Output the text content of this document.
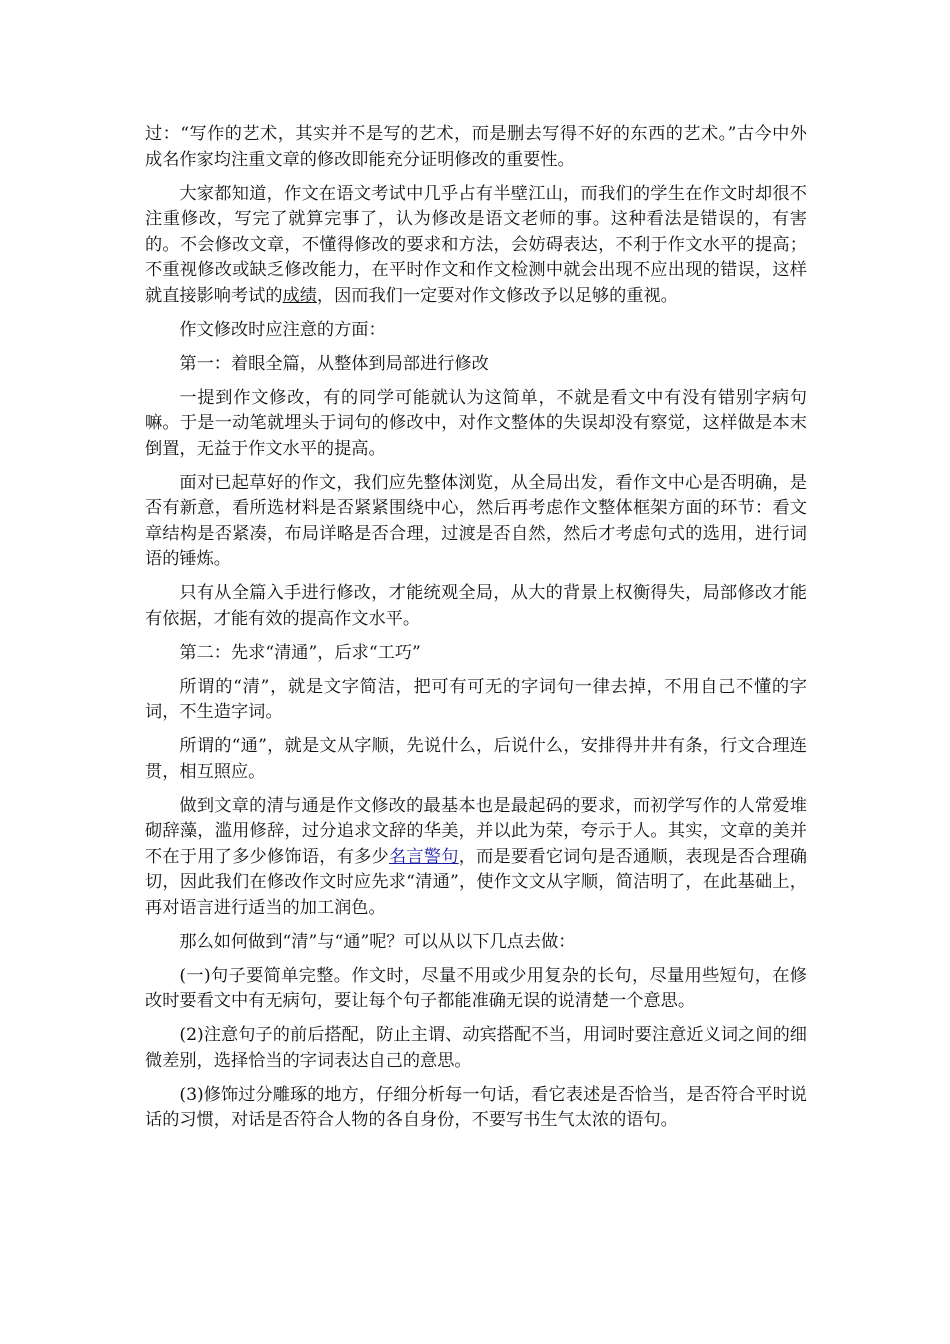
过：“写作的艺术，其实并不是写的艺术，而是删去写得不好的东西的艺术。”古今中外成名作家均注重文章的修改即能充分证明修改的重要性。

大家都知道，作文在语文考试中几乎占有半壁江山，而我们的学生在作文时却很不注重修改，写完了就算完事了，认为修改是语文老师的事。这种看法是错误的，有害的。不会修改文章，不懂得修改的要求和方法，会妨碍表达，不利于作文水平的提高；不重视修改或缺乏修改能力，在平时作文和作文检测中就会出现不应出现的错误，这样就直接影响考试的成绩，因而我们一定要对作文修改予以足够的重视。

作文修改时应注意的方面：

第一：着眼全篇，从整体到局部进行修改

一提到作文修改，有的同学可能就认为这简单，不就是看文中有没有错别字病句嘛。于是一动笔就埋头于词句的修改中，对作文整体的失误却没有察觉，这样做是本末倒置，无益于作文水平的提高。

面对已起草好的作文，我们应先整体浏览，从全局出发，看作文中心是否明确，是否有新意，看所选材料是否紧紧围绕中心，然后再考虑作文整体框架方面的环节：看文章结构是否紧凑，布局详略是否合理，过渡是否自然，然后才考虑句式的选用，进行词语的锤炼。

只有从全篇入手进行修改，才能统观全局，从大的背景上权衡得失，局部修改才能有依据，才能有效的提高作文水平。

第二：先求“清通”，后求“工巧”

所谓的“清”，就是文字简洁，把可有可无的字词句一律去掉，不用自己不懂的字词，不生造字词。

所谓的“通”，就是文从字顺，先说什么，后说什么，安排得井井有条，行文合理连贯，相互照应。

做到文章的清与通是作文修改的最基本也是最起码的要求，而初学写作的人常爱堆砌辞藻，滥用修辞，过分追求文辞的华美，并以此为荣，夸示于人。其实，文章的美并不在于用了多少修饰语，有多少名言警句，而是要看它词句是否通顺，表现是否合理确切，因此我们在修改作文时应先求“清通”，使作文文从字顺，简洁明了，在此基础上，再对语言进行适当的加工润色。

那么如何做到“清”与“通”呢？可以从以下几点去做：

(一)句子要简单完整。作文时，尽量不用或少用复杂的长句，尽量用些短句，在修改时要看文中有无病句，要让每个句子都能准确无误的说清楚一个意思。

(2)注意句子的前后搭配，防止主谓、动宾搭配不当，用词时要注意近义词之间的细微差别，选择恰当的字词表达自己的意思。

(3)修饰过分雕琢的地方，仔细分析每一句话，看它表述是否恰当，是否符合平时说话的习惯，对话是否符合人物的各自身份，不要写书生气太浓的语句。
